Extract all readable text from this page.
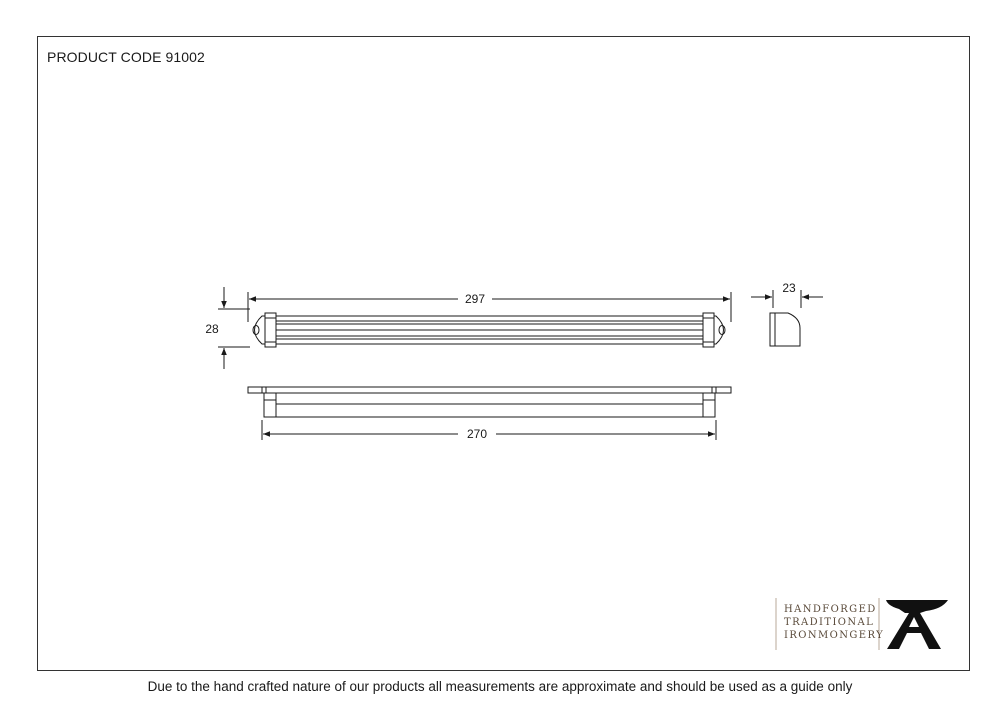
PRODUCT CODE 91002
297
28
23
270
HANDFORGED
TRADITIONAL
IRONMONGERY
Due to the hand crafted nature of our products all measurements are approximate and should be used as a guide only
